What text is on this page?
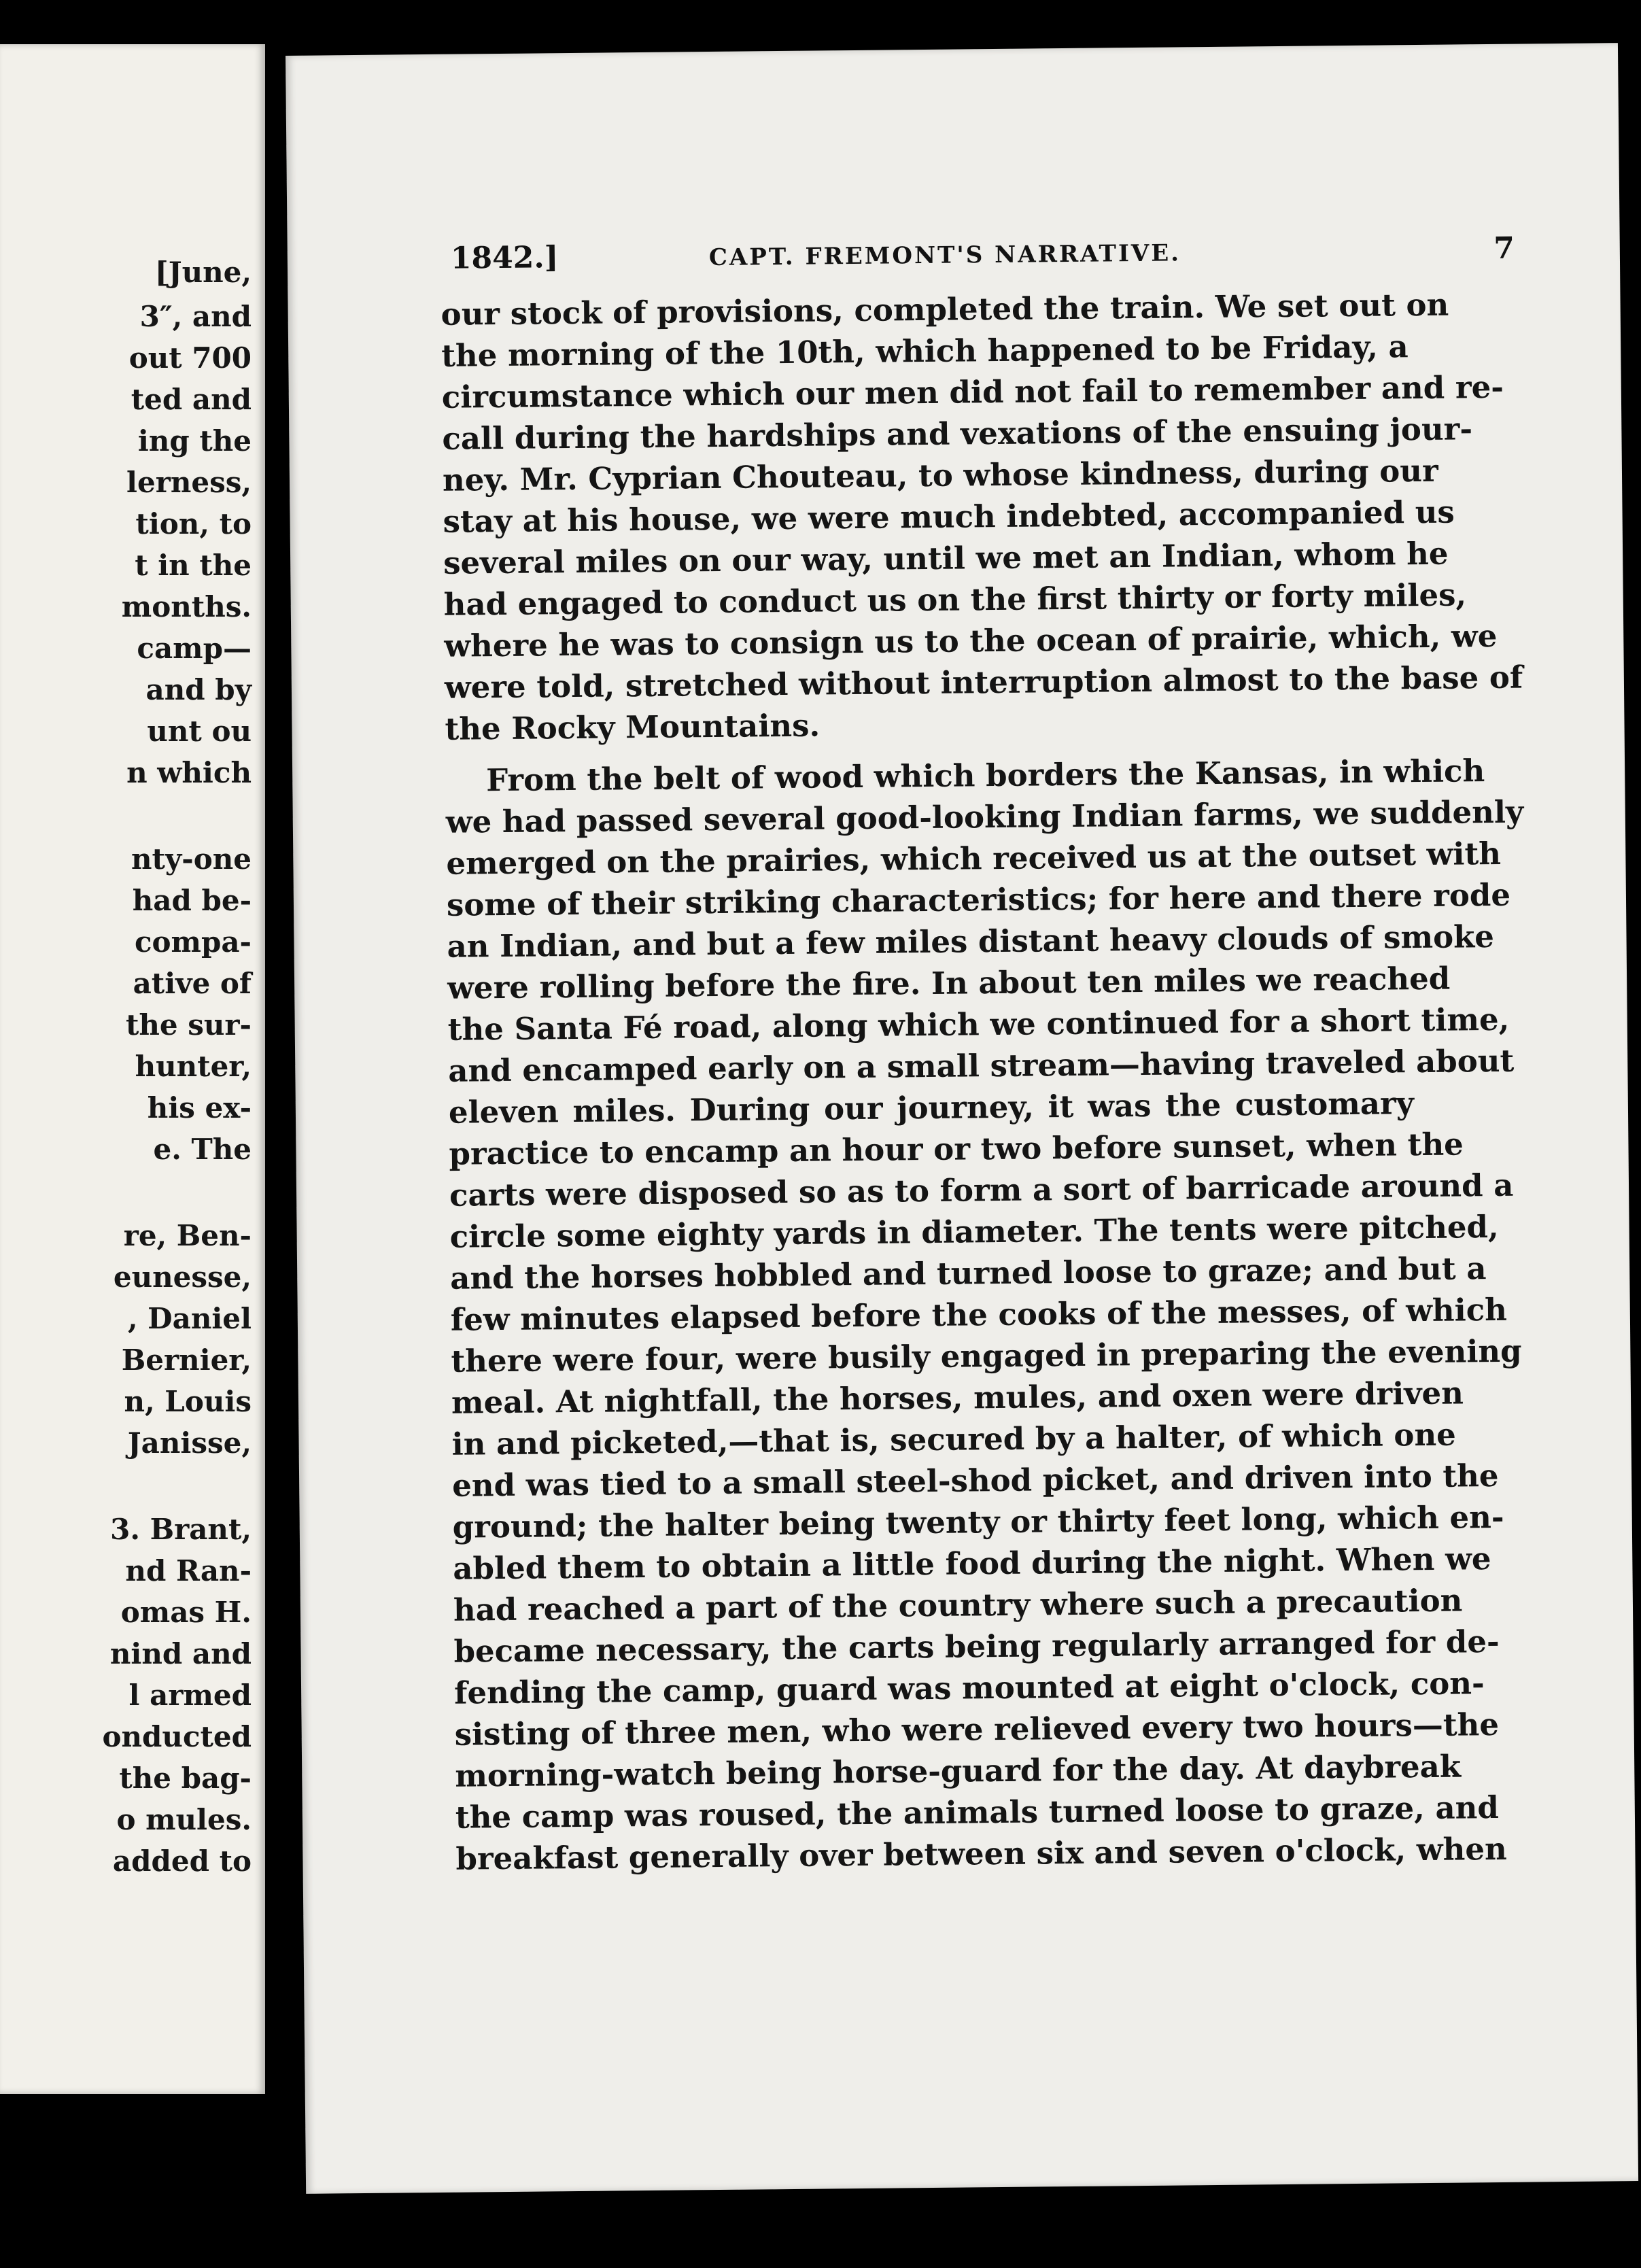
[June,
3″, and
out 700
ted and
ing the
lerness,
tion, to
t in the
months.
camp—
and by
unt ou
n which
nty-one
had be-
compa-
ative of
the sur-
hunter,
his ex-
e. The
re, Ben-
eunesse,
, Daniel
Bernier,
n, Louis
Janisse,
3. Brant,
nd Ran-
omas H.
nind and
l armed
onducted
the bag-
o mules.
added to
1842.]	CAPT. FREMONT'S NARRATIVE.	7
our stock of provisions, completed the train. We set out on
the morning of the 10th, which happened to be Friday, a
circumstance which our men did not fail to remember and re-
call during the hardships and vexations of the ensuing jour-
ney. Mr. Cyprian Chouteau, to whose kindness, during our
stay at his house, we were much indebted, accompanied us
several miles on our way, until we met an Indian, whom he
had engaged to conduct us on the first thirty or forty miles,
where he was to consign us to the ocean of prairie, which, we
were told, stretched without interruption almost to the base of
the Rocky Mountains.
From the belt of wood which borders the Kansas, in which
we had passed several good-looking Indian farms, we suddenly
emerged on the prairies, which received us at the outset with
some of their striking characteristics; for here and there rode
an Indian, and but a few miles distant heavy clouds of smoke
were rolling before the fire. In about ten miles we reached
the Santa Fé road, along which we continued for a short time,
and encamped early on a small stream—having traveled about
eleven miles. During our journey, it was the customary
practice to encamp an hour or two before sunset, when the
carts were disposed so as to form a sort of barricade around a
circle some eighty yards in diameter. The tents were pitched,
and the horses hobbled and turned loose to graze; and but a
few minutes elapsed before the cooks of the messes, of which
there were four, were busily engaged in preparing the evening
meal. At nightfall, the horses, mules, and oxen were driven
in and picketed,—that is, secured by a halter, of which one
end was tied to a small steel-shod picket, and driven into the
ground; the halter being twenty or thirty feet long, which en-
abled them to obtain a little food during the night. When we
had reached a part of the country where such a precaution
became necessary, the carts being regularly arranged for de-
fending the camp, guard was mounted at eight o'clock, con-
sisting of three men, who were relieved every two hours—the
morning-watch being horse-guard for the day. At daybreak
the camp was roused, the animals turned loose to graze, and
breakfast generally over between six and seven o'clock, when
